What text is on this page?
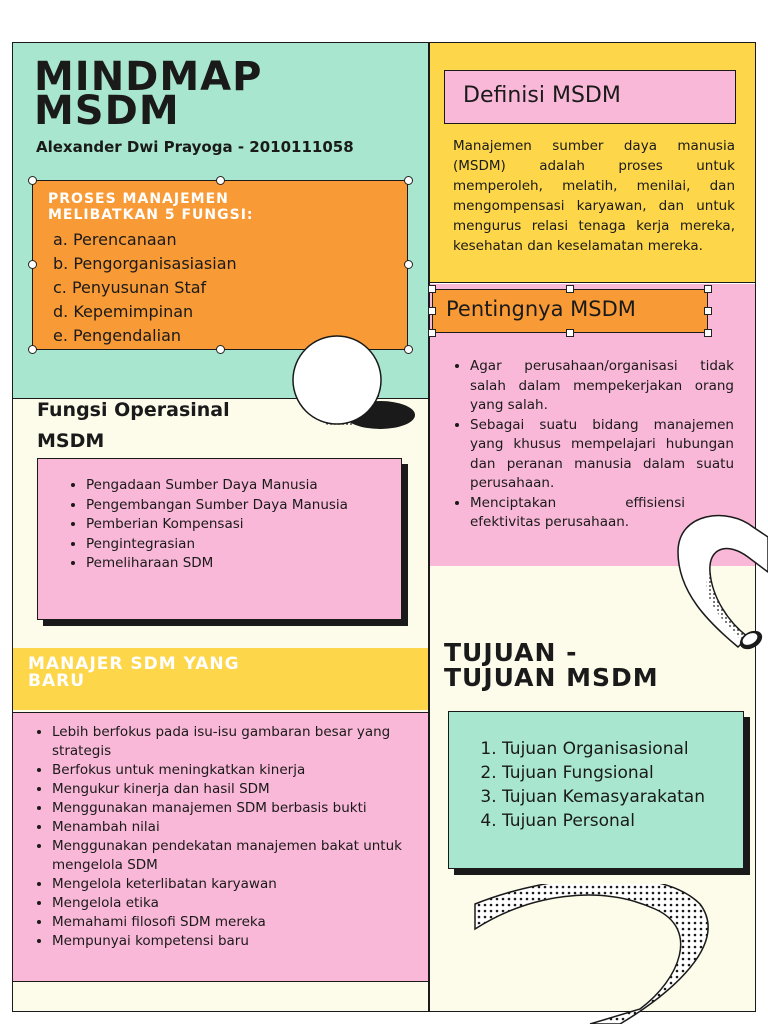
MINDMAP
MSDM
Alexander Dwi Prayoga - 2010111058
PROSES MANAJEMEN
MELIBATKAN 5 FUNGSI:
a. Perencanaan
b. Pengorganisasiasian
c. Penyusunan Staf
d. Kepemimpinan
e. Pengendalian
Definisi MSDM
Manajemen sumber daya manusia (MSDM) adalah proses untuk memperoleh, melatih, menilai, dan mengompensasi karyawan, dan untuk mengurus relasi tenaga kerja mereka, kesehatan dan keselamatan mereka.
Pentingnya MSDM
• Agar perusahaan/organisasi tidak salah dalam mempekerjakan orang yang salah.
• Sebagai suatu bidang manajemen yang khusus mempelajari hubungan dan peranan manusia dalam suatu perusahaan.
• Menciptakan effisiensi efektivitas perusahaan.
Fungsi Operasinal
MSDM
• Pengadaan Sumber Daya Manusia
• Pengembangan Sumber Daya Manusia
• Pemberian Kompensasi
• Pengintegrasian
• Pemeliharaan SDM
MANAJER SDM YANG
BARU
• Lebih berfokus pada isu-isu gambaran besar yang strategis
• Berfokus untuk meningkatkan kinerja
• Mengukur kinerja dan hasil SDM
• Menggunakan manajemen SDM berbasis bukti
• Menambah nilai
• Menggunakan pendekatan manajemen bakat untuk mengelola SDM
• Mengelola keterlibatan karyawan
• Mengelola etika
• Memahami filosofi SDM mereka
• Mempunyai kompetensi baru
TUJUAN -
TUJUAN MSDM
1. Tujuan Organisasional
2. Tujuan Fungsional
3. Tujuan Kemasyarakatan
4. Tujuan Personal
